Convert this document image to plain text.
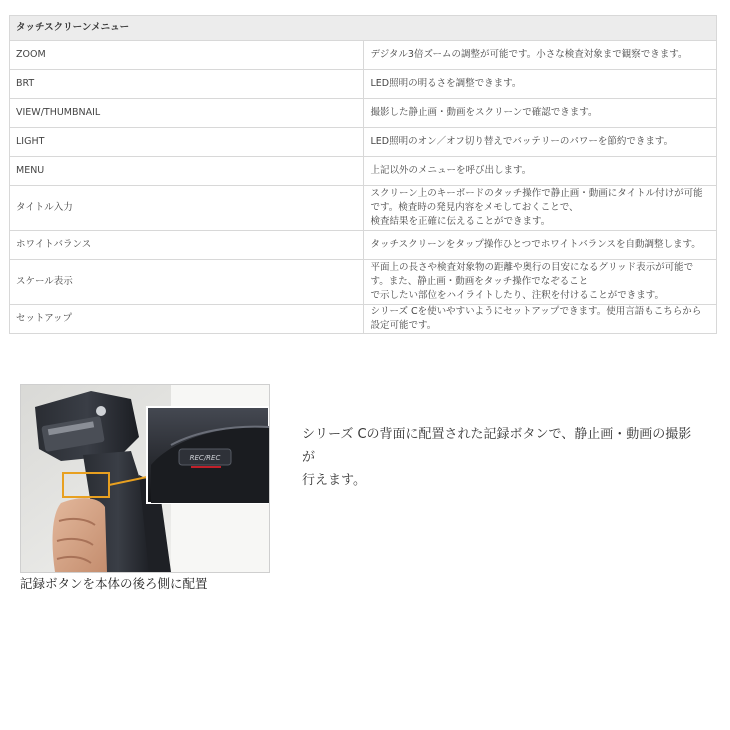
タッチスクリーンメニュー	
ZOOM	デジタル3倍ズームの調整が可能です。小さな検査対象まで観察できます。

BRT	LED照明の明るさを調整できます。

VIEW/THUMBNAIL	撮影した静止画・動画をスクリーンで確認できます。

LIGHT	LED照明のオン／オフ切り替えでバッテリーのパワーを節約できます。

MENU	上記以外のメニューを呼び出します。

タイトル入力	スクリーン上のキーボードのタッチ操作で静止画・動画にタイトル付けが可能です。検査時の発見内容をメモしておくことで、
検査結果を正確に伝えることができます。

ホワイトバランス	タッチスクリーンをタップ操作ひとつでホワイトバランスを自動調整します。

スケール表示	平面上の長さや検査対象物の距離や奥行の目安になるグリッド表示が可能です。また、静止画・動画をタッチ操作でなぞること
で示したい部位をハイライトしたり、注釈を付けることができます。

セットアップ	シリーズ Cを使いやすいようにセットアップできます。使用言語もこちらから設定可能です。
REC/REC
記録ボタンを本体の後ろ側に配置
シリーズ Cの背面に配置された記録ボタンで、静止画・動画の撮影が
行えます。
